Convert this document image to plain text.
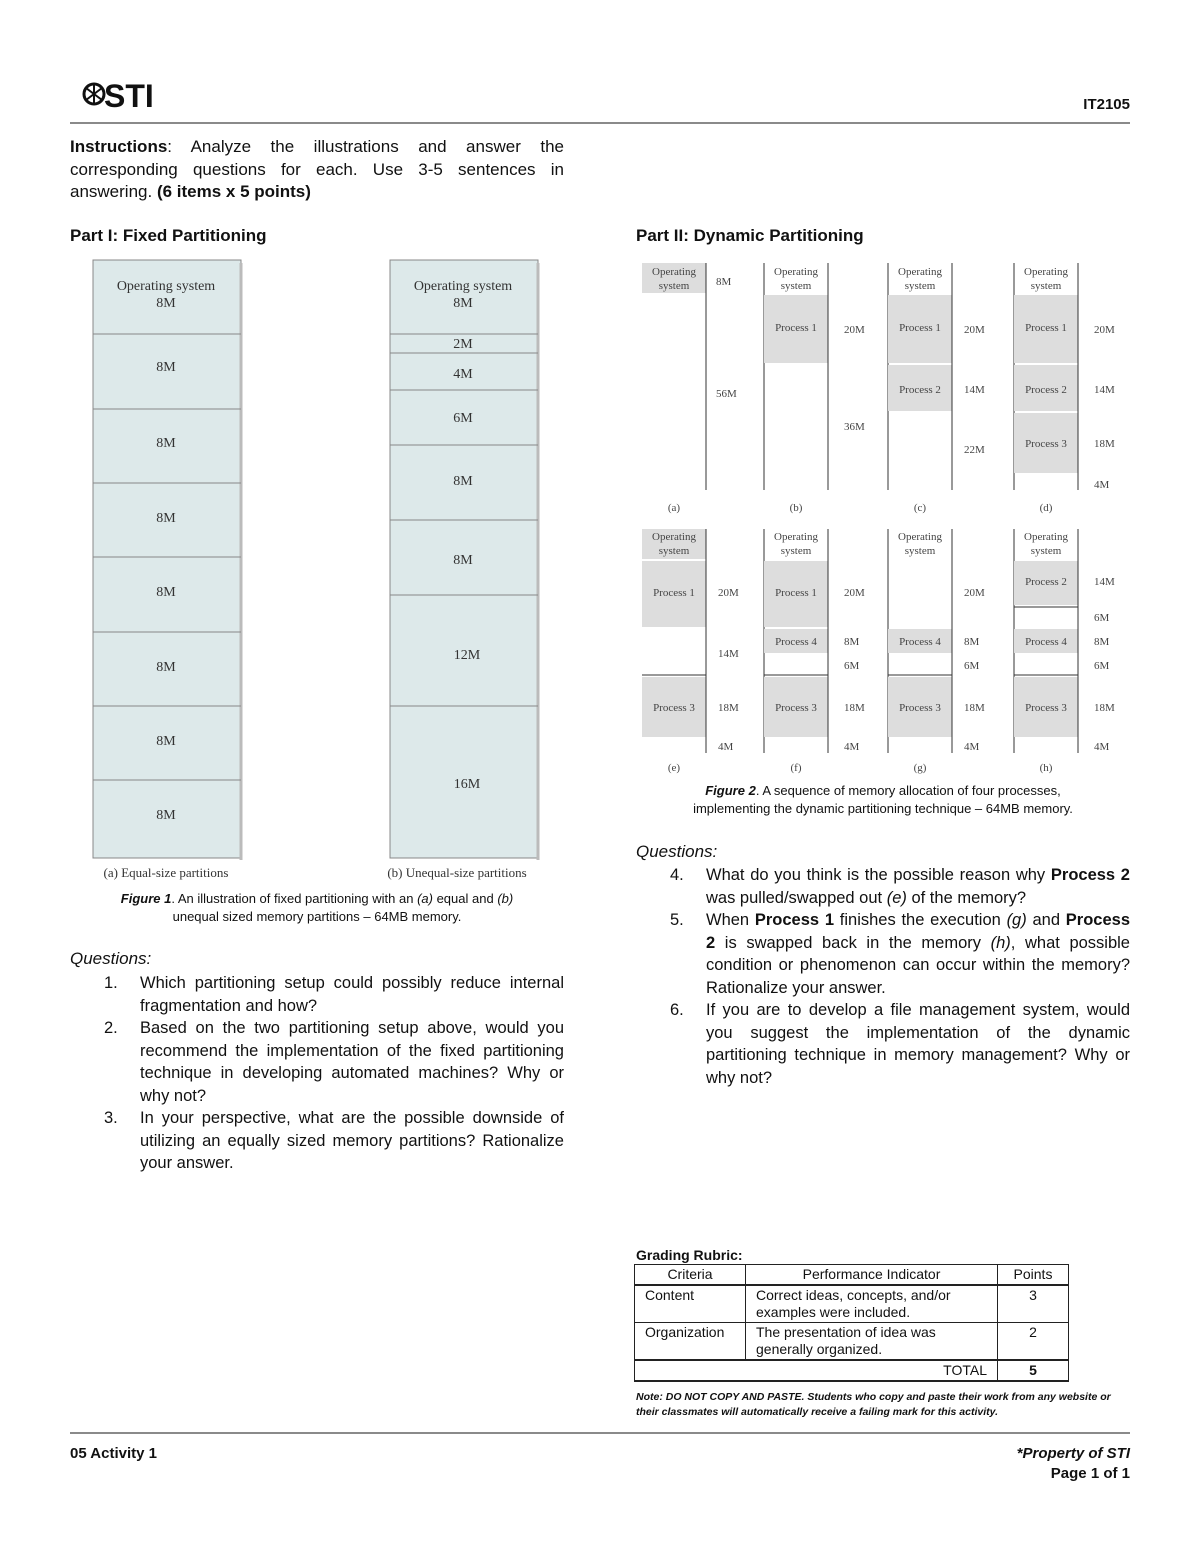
STI	IT2105
Instructions: Analyze the illustrations and answer the corresponding questions for each. Use 3-5 sentences in answering. (6 items x 5 points)
Part I: Fixed Partitioning
Operating system
8M
8M
8M
8M
8M
8M
8M
8M
(a) Equal-size partitions
Operating system
8M
2M
4M
6M
8M
8M
12M
16M
(b) Unequal-size partitions
Figure 1. An illustration of fixed partitioning with an (a) equal and (b)
unequal sized memory partitions – 64MB memory.
Questions:
1. Which partitioning setup could possibly reduce internal fragmentation and how?
2. Based on the two partitioning setup above, would you recommend the implementation of the fixed partitioning technique in developing automated machines? Why or why not?
3. In your perspective, what are the possible downside of utilizing an equally sized memory partitions? Rationalize your answer.
Part II: Dynamic Partitioning
Operating
system 8M
56M
(a)
Operating
system
Process 1 20M
36M
(b)
Operating
system
Process 1
Process 2
20M
14M
22M
(c)
Operating
system
Process 1
Process 2
Process 3
20M
14M
18M
4M
(d)
Operating
system
Process 1
Process 3
20M
14M
18M
4M
(e)
Operating
system
Process 1
Process 4
Process 3
20M
8M
6M
18M
4M
(f)
Operating
system
Process 4
Process 3
20M
8M
6M
18M
4M
(g)
Operating
system
Process 2
Process 4
Process 3
14M
6M
8M
6M
18M
4M
(h)
Figure 2. A sequence of memory allocation of four processes,
implementing the dynamic partitioning technique – 64MB memory.
Questions:
4. What do you think is the possible reason why Process 2 was pulled/swapped out (e) of the memory?
5. When Process 1 finishes the execution (g) and Process 2 is swapped back in the memory (h), what possible condition or phenomenon can occur within the memory? Rationalize your answer.
6. If you are to develop a file management system, would you suggest the implementation of the dynamic partitioning technique in memory management? Why or why not?
Grading Rubric:
Criteria	Performance Indicator	Points
Content	Correct ideas, concepts, and/or examples were included.	3
Organization	The presentation of idea was generally organized.	2
TOTAL		5
Note: DO NOT COPY AND PASTE. Students who copy and paste their work from any website or their classmates will automatically receive a failing mark for this activity.
05 Activity 1	*Property of STI
Page 1 of 1
